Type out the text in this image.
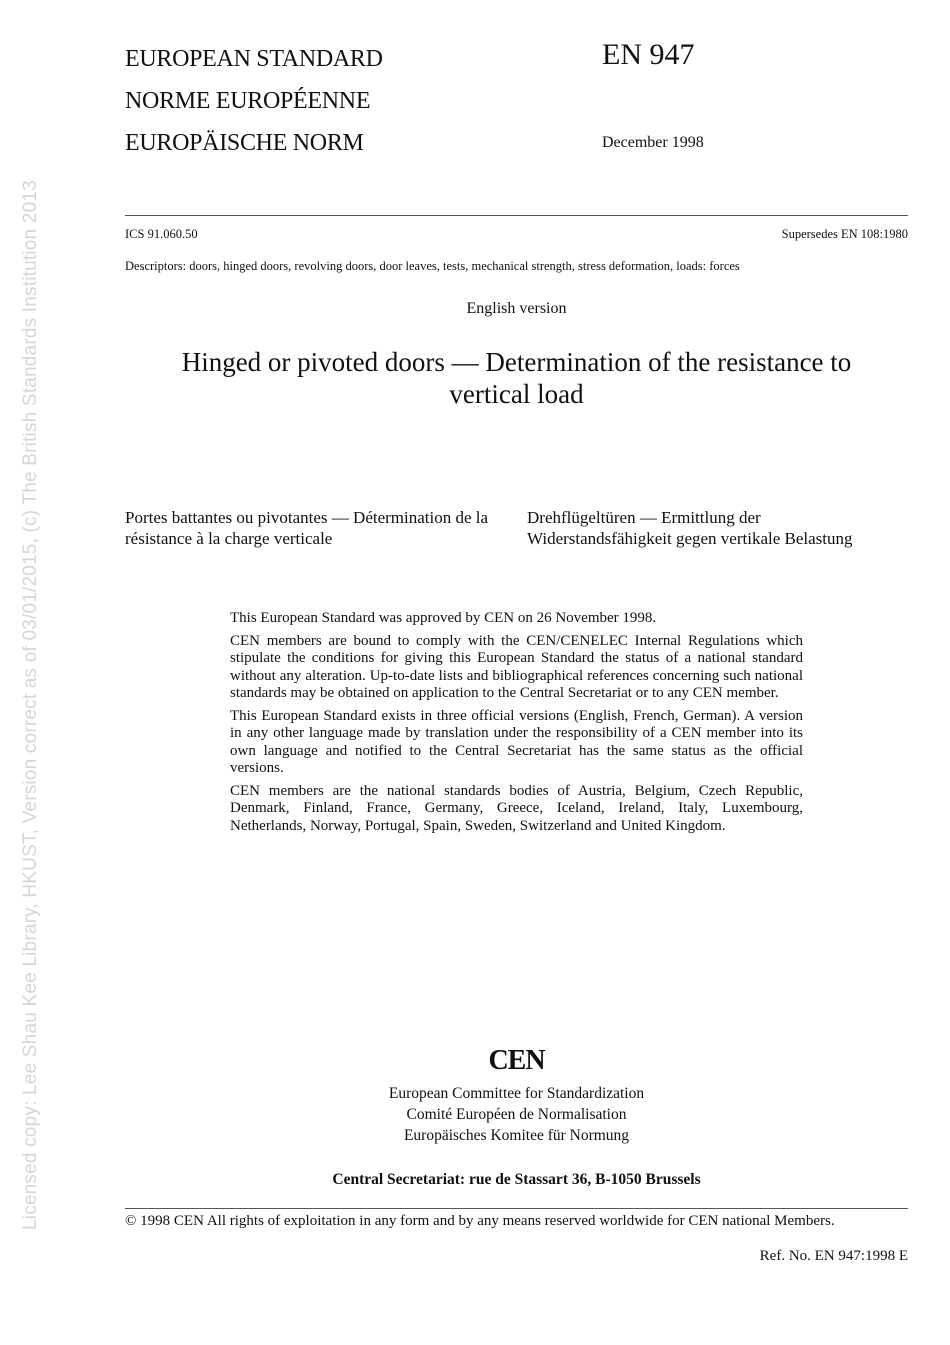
Licensed copy: Lee Shau Kee Library, HKUST, Version correct as of 03/01/2015, (c) The British Standards Institution 2013
EUROPEAN STANDARD
NORME EUROPÉENNE
EUROPÄISCHE NORM
EN 947
December 1998
ICS 91.060.50	Supersedes EN 108:1980
Descriptors: doors, hinged doors, revolving doors, door leaves, tests, mechanical strength, stress deformation, loads: forces
English version
Hinged or pivoted doors — Determination of the resistance to vertical load
Portes battantes ou pivotantes — Détermination de la résistance à la charge verticale
Drehflügeltüren — Ermittlung der Widerstandsfähigkeit gegen vertikale Belastung

This European Standard was approved by CEN on 26 November 1998.

CEN members are bound to comply with the CEN/CENELEC Internal Regulations which stipulate the conditions for giving this European Standard the status of a national standard without any alteration. Up-to-date lists and bibliographical references concerning such national standards may be obtained on application to the Central Secretariat or to any CEN member.

This European Standard exists in three official versions (English, French, German). A version in any other language made by translation under the responsibility of a CEN member into its own language and notified to the Central Secretariat has the same status as the official versions.

CEN members are the national standards bodies of Austria, Belgium, Czech Republic, Denmark, Finland, France, Germany, Greece, Iceland, Ireland, Italy, Luxembourg, Netherlands, Norway, Portugal, Spain, Sweden, Switzerland and United Kingdom.

CEN
European Committee for Standardization
Comité Européen de Normalisation
Europäisches Komitee für Normung
Central Secretariat: rue de Stassart 36, B-1050 Brussels
© 1998 CEN All rights of exploitation in any form and by any means reserved worldwide for CEN national Members.
Ref. No. EN 947:1998 E
